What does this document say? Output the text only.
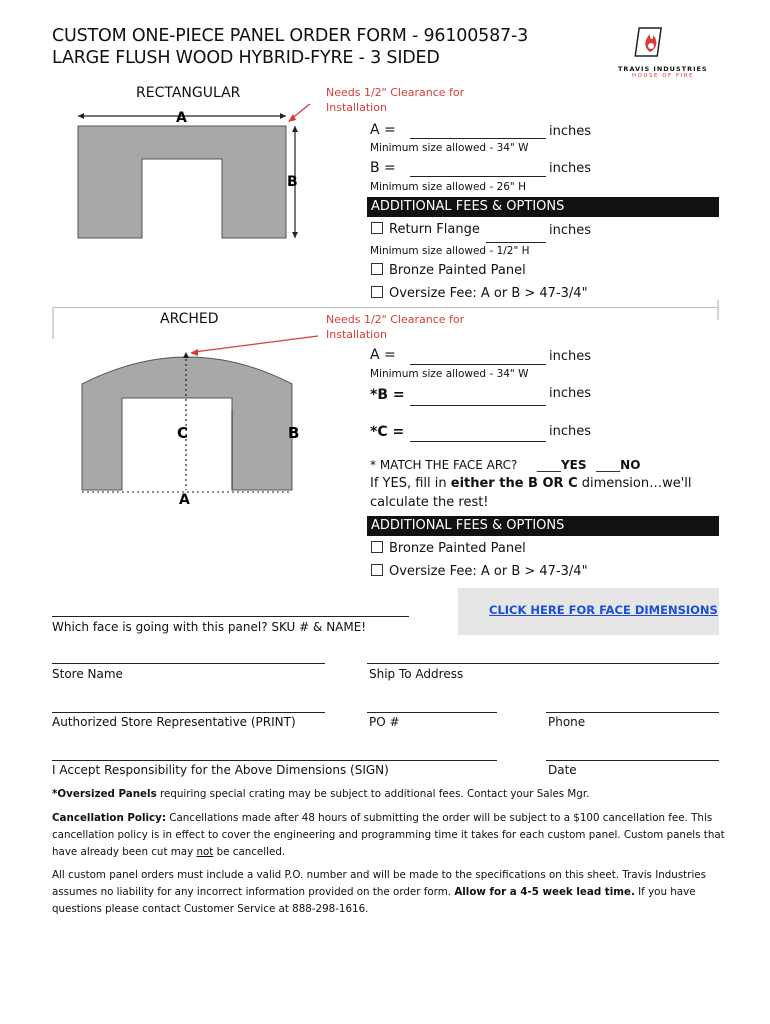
CUSTOM ONE-PIECE PANEL ORDER FORM - 96100587-3
LARGE FLUSH WOOD HYBRID-FYRE - 3 SIDED
TRAVIS INDUSTRIES
HOUSE OF FIRE
RECTANGULAR	Needs 1/2" Clearance for Installation
A
B
A =	inches
Minimum size allowed - 34" W
B =	inches
Minimum size allowed - 26" H
ADDITIONAL FEES & OPTIONS
Return Flange	inches
Minimum size allowed - 1/2" H
Bronze Painted Panel
Oversize Fee: A or B > 47-3/4"
ARCHED	Needs 1/2" Clearance for Installation
C	B
A
A =	inches
Minimum size allowed - 34" W
*B =	inches
*C =	inches
* MATCH THE FACE ARC? ____YES ____NO
If YES, fill in either the B OR C dimension…we'll
calculate the rest!
ADDITIONAL FEES & OPTIONS
Bronze Painted Panel
Oversize Fee: A or B > 47-3/4"
CLICK HERE FOR FACE DIMENSIONS
Which face is going with this panel? SKU # & NAME!
Store Name	Ship To Address
Authorized Store Representative (PRINT)	PO #	Phone
I Accept Responsibility for the Above Dimensions (SIGN)	Date
*Oversized Panels requiring special crating may be subject to additional fees. Contact your Sales Mgr.
Cancellation Policy: Cancellations made after 48 hours of submitting the order will be subject to a $100 cancellation fee. This cancellation policy is in effect to cover the engineering and programming time it takes for each custom panel. Custom panels that have already been cut may not be cancelled.
All custom panel orders must include a valid P.O. number and will be made to the specifications on this sheet. Travis Industries assumes no liability for any incorrect information provided on the order form. Allow for a 4-5 week lead time. If you have questions please contact Customer Service at 888-298-1616.
